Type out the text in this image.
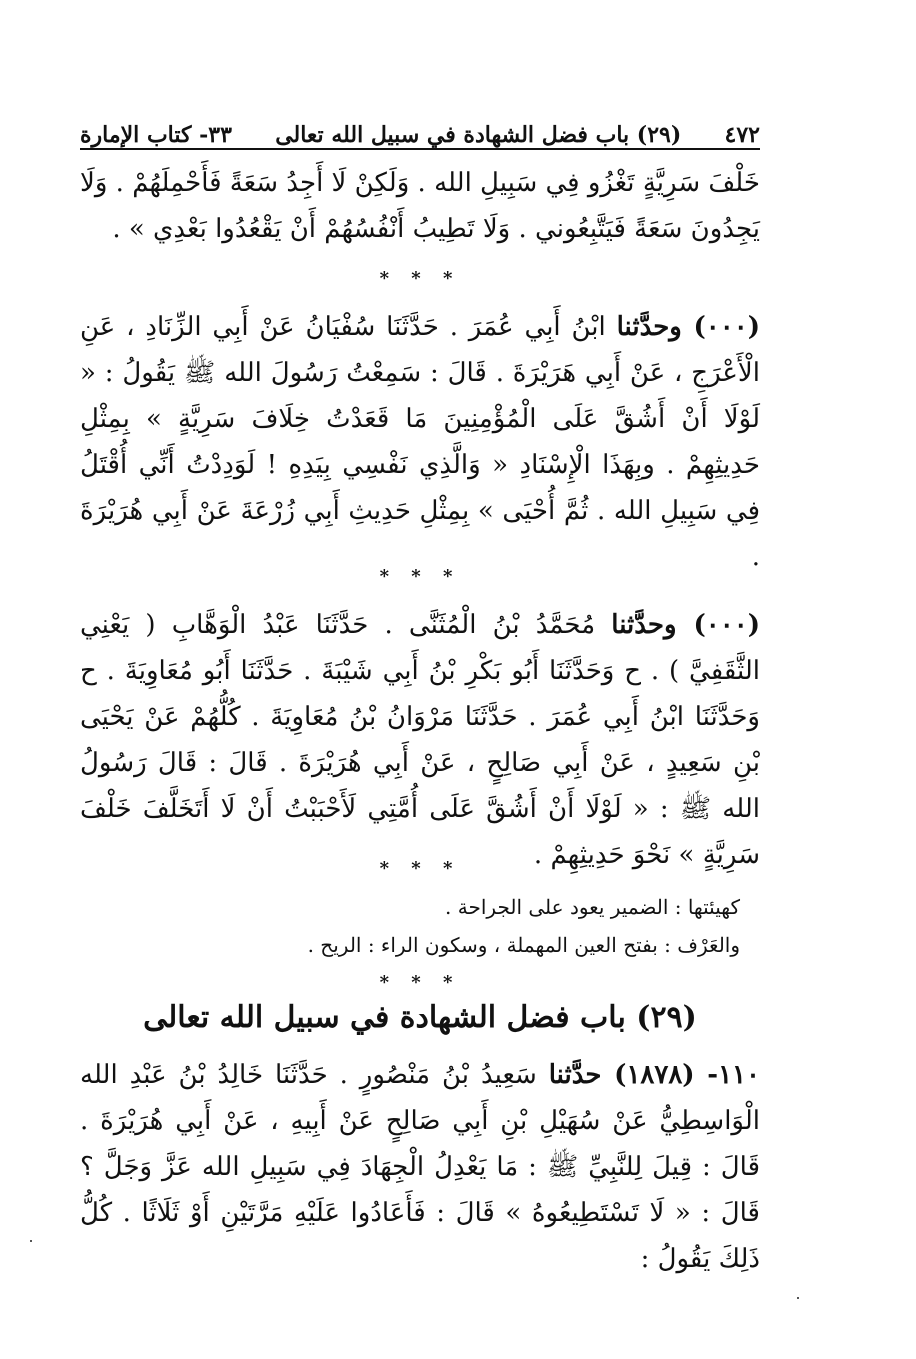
٤٧٢
(٢٩) باب فضل الشهادة في سبيل الله تعالى
٣٣- كتاب الإمارة

خَلْفَ سَرِيَّةٍ تَغْزُو فِي سَبِيلِ الله . وَلَكِنْ لَا أَجِدُ سَعَةً فَأَحْمِلَهُمْ . وَلَا يَجِدُونَ سَعَةً فَيَتَّبِعُوني . وَلَا تَطِيبُ أَنْفُسُهُمْ أَنْ يَقْعُدُوا بَعْدِي » .

* * *

(٠٠٠) وحدَّثنا ابْنُ أَبِي عُمَرَ . حَدَّثَنَا سُفْيَانُ عَنْ أَبِي الزِّنَادِ ، عَنِ الْأَعْرَجِ ، عَنْ أَبِي هَرَيْرَةَ . قَالَ : سَمِعْتُ رَسُولَ الله ﷺ يَقُولُ : « لَوْلَا أَنْ أَشُقَّ عَلَى الْمُؤْمِنِينَ مَا قَعَدْتُ خِلَافَ سَرِيَّةٍ » بِمِثْلِ حَدِيثِهِمْ . وبِهَذَا الْإِسْنَادِ « وَالَّذِي نَفْسِي بِيَدِهِ ! لَوَدِدْتُ أَنِّي أُقْتَلُ فِي سَبِيلِ الله . ثُمَّ أُحْيَى » بِمِثْلِ حَدِيثِ أَبِي زُرْعَةَ عَنْ أَبِي هُرَيْرَةَ .

* * *

(٠٠٠) وحدَّثنا مُحَمَّدُ بْنُ الْمُثَنَّى . حَدَّثَنَا عَبْدُ الْوَهَّابِ ( يَعْنِي الثَّقَفِيَّ ) . ح وَحَدَّثَنَا أَبُو بَكْرِ بْنُ أَبِي شَيْبَةَ . حَدَّثَنَا أَبُو مُعَاوِيَةَ . ح وَحَدَّثَنَا ابْنُ أَبِي عُمَرَ . حَدَّثَنَا مَرْوَانُ بْنُ مُعَاوِيَةَ . كُلُّهُمْ عَنْ يَحْيَى بْنِ سَعِيدٍ ، عَنْ أَبِي صَالِحٍ ، عَنْ أَبِي هُرَيْرَةَ . قَالَ : قَالَ رَسُولُ الله ﷺ : « لَوْلَا أَنْ أَشُقَّ عَلَى أُمَّتِي لَأَحْبَبْتُ أَنْ لَا أَتَخَلَّفَ خَلْفَ سَرِيَّةٍ » نَحْوَ حَدِيثِهِمْ .

* * *
كهيئتها : الضمير يعود على الجراحة .
والعَرْف : بفتح العين المهملة ، وسكون الراء : الريح .
* * *
(٢٩) باب فضل الشهادة في سبيل الله تعالى

١١٠- (١٨٧٨) حدَّثنا سَعِيدُ بْنُ مَنْصُورٍ . حَدَّثَنَا خَالِدُ بْنُ عَبْدِ الله الْوَاسِطِيُّ عَنْ سُهَيْلِ بْنِ أَبِي صَالِحٍ عَنْ أَبِيهِ ، عَنْ أَبِي هُرَيْرَةَ . قَالَ : قِيلَ لِلنَّبِيِّ ﷺ : مَا يَعْدِلُ الْجِهَادَ فِي سَبِيلِ الله عَزَّ وَجَلَّ ؟ قَالَ : « لَا تَسْتَطِيعُوهُ » قَالَ : فَأَعَادُوا عَلَيْهِ مَرَّتَيْنِ أَوْ ثَلَاثًا . كُلُّ ذَلِكَ يَقُولُ :
